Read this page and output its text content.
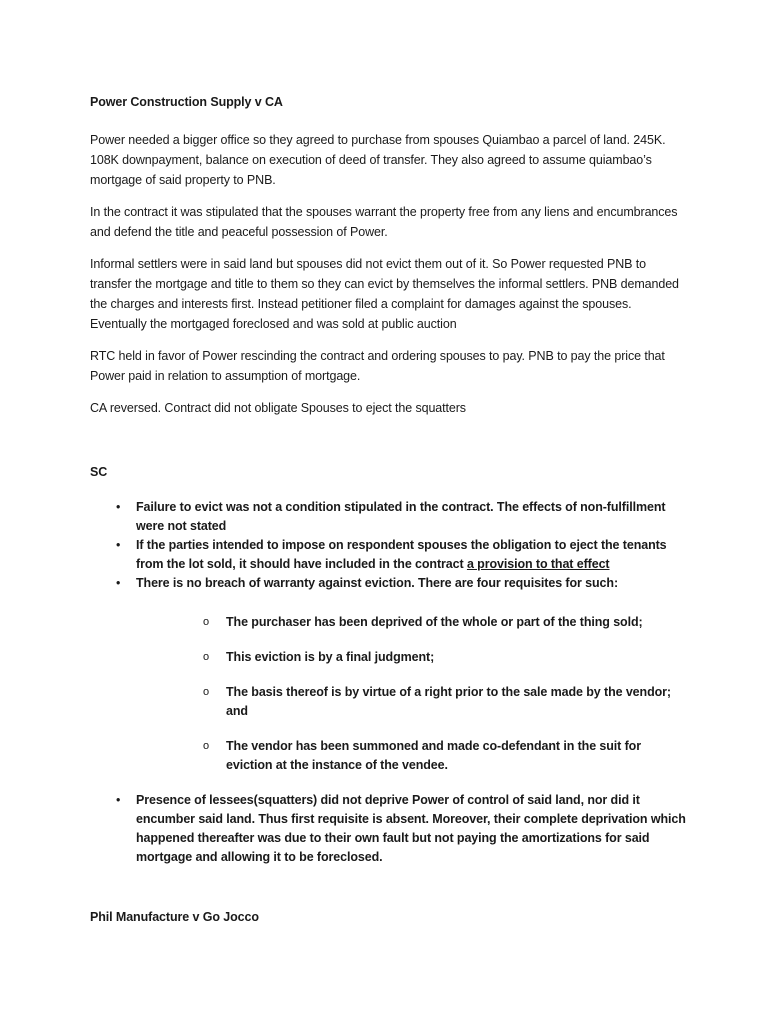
Power Construction Supply v CA

Power needed a bigger office so they agreed to purchase from spouses Quiambao a parcel of land. 245K. 108K downpayment, balance on execution of deed of transfer. They also agreed to assume quiambao’s mortgage of said property to PNB.

In the contract it was stipulated that the spouses warrant the property free from any liens and encumbrances and defend the title and peaceful possession of Power.

Informal settlers were in said land but spouses did not evict them out of it. So Power requested PNB to transfer the mortgage and title to them so they can evict by themselves the informal settlers. PNB demanded the charges and interests first. Instead petitioner filed a complaint for damages against the spouses. Eventually the mortgaged foreclosed and was sold at public auction

RTC held in favor of Power rescinding the contract and ordering spouses to pay. PNB to pay the price that Power paid in relation to assumption of mortgage.

CA reversed. Contract did not obligate Spouses to eject the squatters

SC
• Failure to evict was not a condition stipulated in the contract. The effects of non-fulfillment were not stated
• If the parties intended to impose on respondent spouses the obligation to eject the tenants from the lot sold, it should have included in the contract a provision to that effect
• There is no breach of warranty against eviction. There are four requisites for such:
o The purchaser has been deprived of the whole or part of the thing sold;
o This eviction is by a final judgment;
o The basis thereof is by virtue of a right prior to the sale made by the vendor; and
o The vendor has been summoned and made co-defendant in the suit for eviction at the instance of the vendee.
• Presence of lessees(squatters) did not deprive Power of control of said land, nor did it encumber said land. Thus first requisite is absent. Moreover, their complete deprivation which happened thereafter was due to their own fault but not paying the amortizations for said mortgage and allowing it to be foreclosed.
Phil Manufacture v Go Jocco
